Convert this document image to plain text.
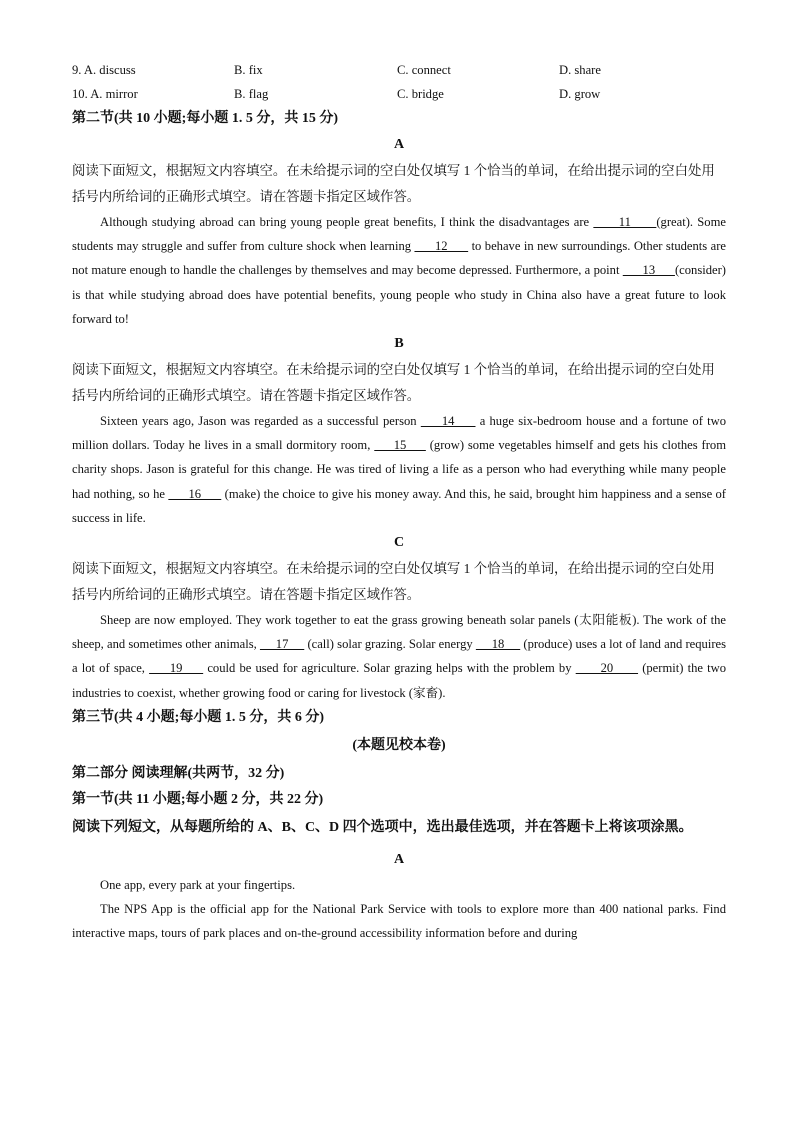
9. A. discuss	B. fix	C. connect	D. share
10. A. mirror	B. flag	C. bridge	D. grow
第二节(共 10 小题;每小题 1. 5 分，共 15 分)
A
阅读下面短文，根据短文内容填空。在未给提示词的空白处仅填写 1 个恰当的单词，在给出提示词的空白处用括号内所给词的正确形式填空。请在答题卡指定区域作答。
Although studying abroad can bring young people great benefits, I think the disadvantages are       11      (great). Some students may struggle and suffer from culture shock when learning       12       to behave in new surroundings. Other students are not mature enough to handle the challenges by themselves and may become depressed. Furthermore, a point       13      (consider) is that while studying abroad does have potential benefits, young people who study in China also have a great future to look forward to!
B
阅读下面短文，根据短文内容填空。在未给提示词的空白处仅填写 1 个恰当的单词，在给出提示词的空白处用括号内所给词的正确形式填空。请在答题卡指定区域作答。
Sixteen years ago, Jason was regarded as a successful person      14      a huge six-bedroom house and a fortune of two million dollars. Today he lives in a small dormitory room,      15      (grow) some vegetables himself and gets his clothes from charity shops. Jason is grateful for this change. He was tired of living a life as a person who had everything while many people had nothing, so he       16       (make) the choice to give his money away. And this, he said, brought him happiness and a sense of success in life.
C
阅读下面短文，根据短文内容填空。在未给提示词的空白处仅填写 1 个恰当的单词，在给出提示词的空白处用括号内所给词的正确形式填空。请在答题卡指定区域作答。
Sheep are now employed. They work together to eat the grass growing beneath solar panels (太阳能板). The work of the sheep, and sometimes other animals,      17      (call) solar grazing. Solar energy      18      (produce) uses a lot of land and requires a lot of space,      19      could be used for agriculture. Solar grazing helps with the problem by       20       (permit) the two industries to coexist, whether growing food or caring for livestock (家畜).
第三节(共 4 小题;每小题 1. 5 分，共 6 分)
(本题见校本卷)
第二部分 阅读理解(共两节，32 分)
第一节(共 11 小题;每小题 2 分，共 22 分)
阅读下列短文，从每题所给的 A、B、C、D 四个选项中，选出最佳选项，并在答题卡上将该项涂黑。
A
One app, every park at your fingertips.
The NPS App is the official app for the National Park Service with tools to explore more than 400 national parks. Find interactive maps, tours of park places and on-the-ground accessibility information before and during
